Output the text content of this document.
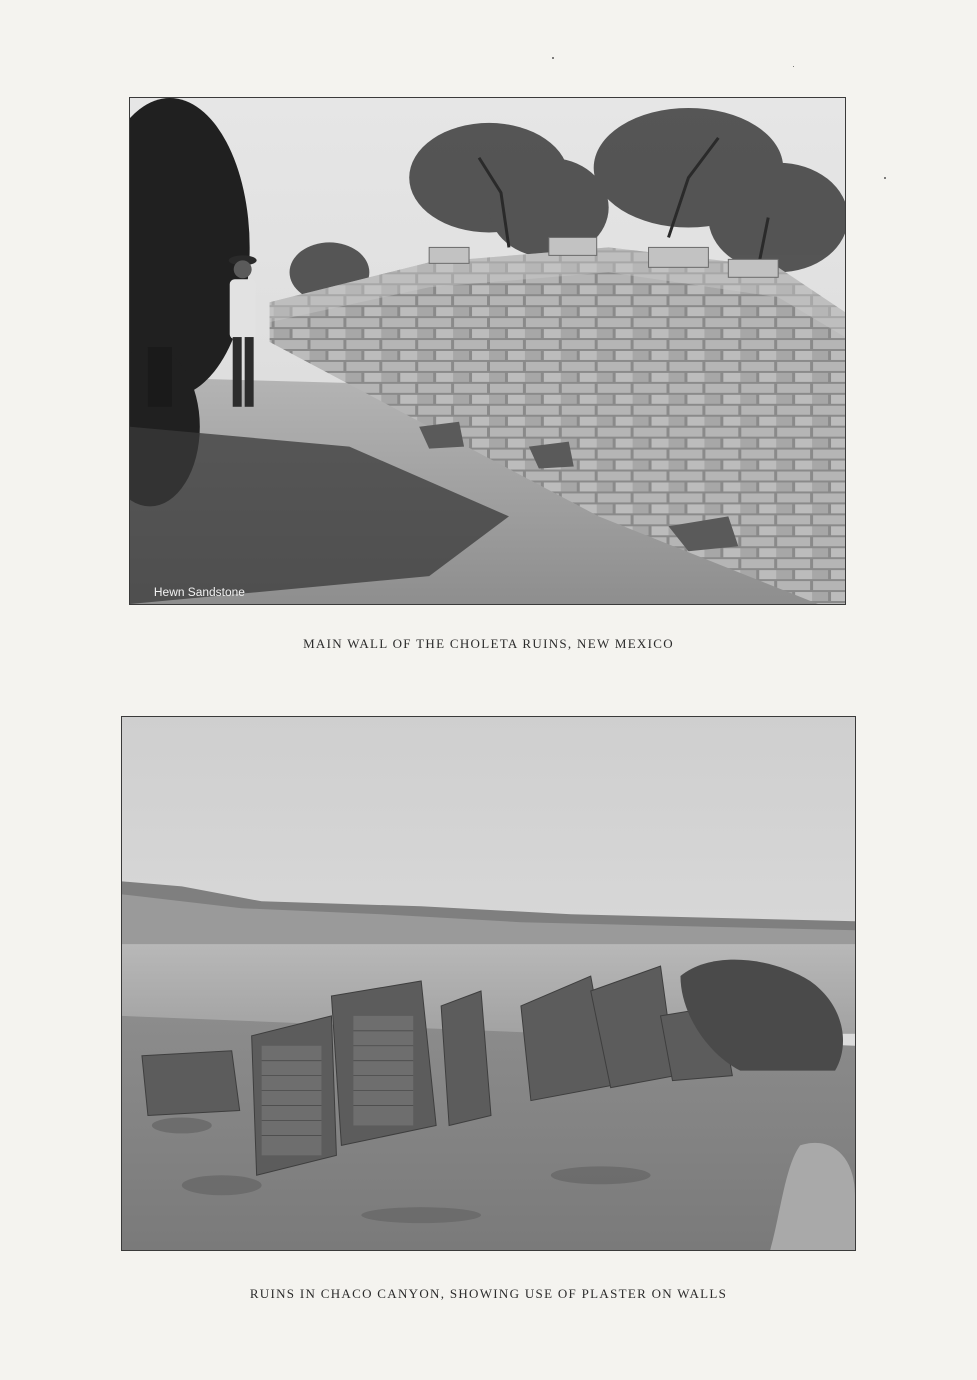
Hewn Sandstone
MAIN WALL OF THE CHOLETA RUINS, NEW MEXICO
RUINS IN CHACO CANYON, SHOWING USE OF PLASTER ON WALLS
